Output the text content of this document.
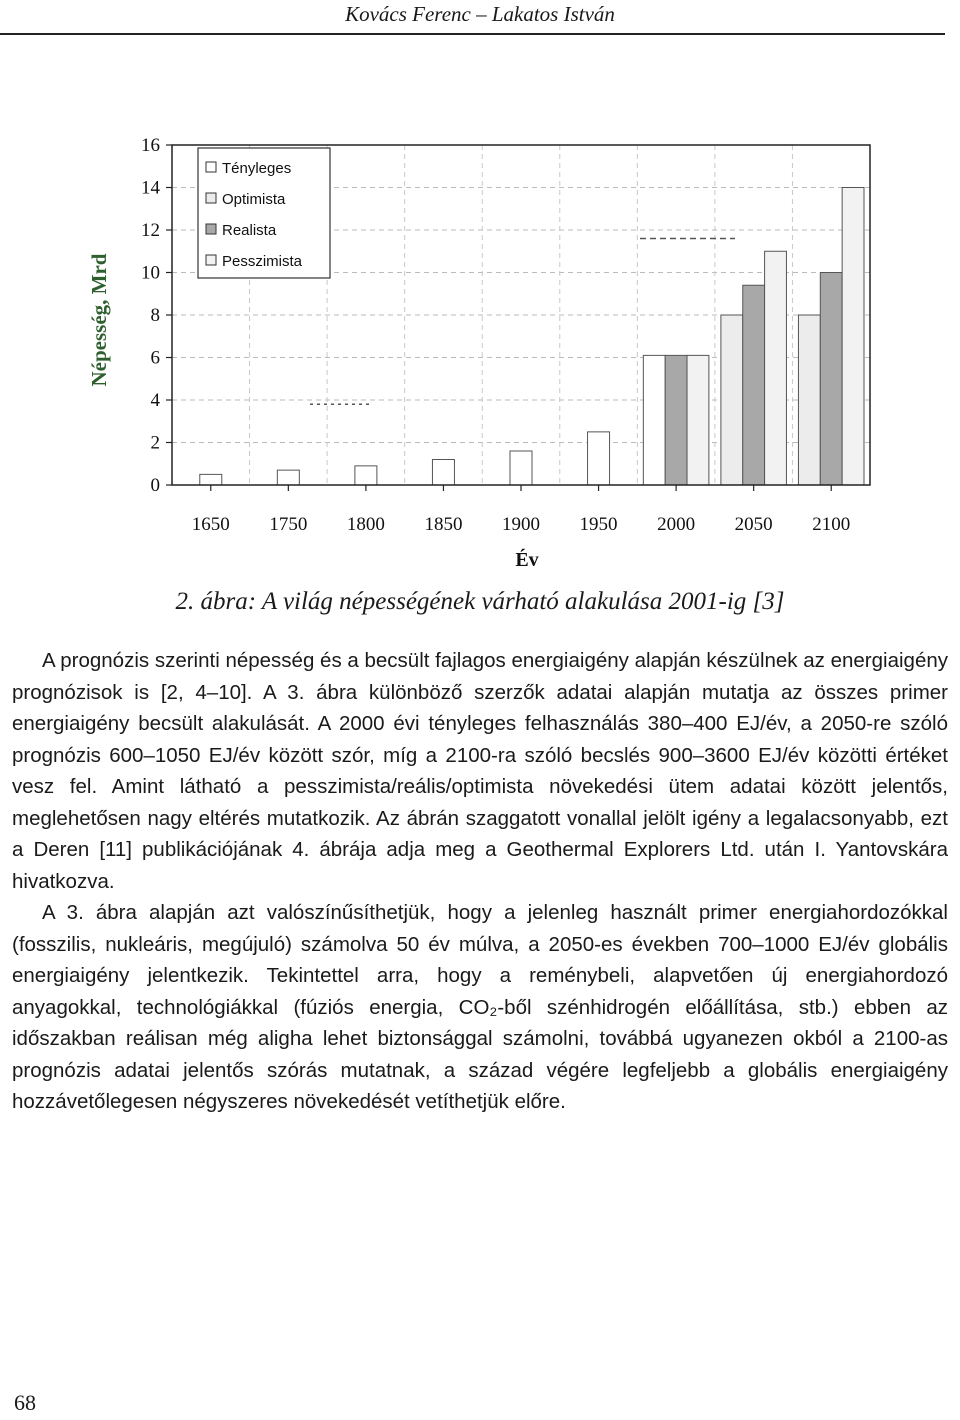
Kovács Ferenc – Lakatos István
0
2
4
6
8
10
12
14
16
1650 1750 1800 1850 1900 1950 2000 2050 2100
Év
Népesség, Mrd
Tényleges
Optimista
Realista
Pesszimista
2. ábra: A világ népességének várható alakulása 2001-ig [3]

A prognózis szerinti népesség és a becsült fajlagos energiaigény alapján készülnek az energiaigény prognózisok is [2, 4–10]. A 3. ábra különböző szerzők adatai alapján mutatja az összes primer energiaigény becsült alakulását. A 2000 évi tényleges felhasználás 380–400 EJ/év, a 2050-re szóló prognózis 600–1050 EJ/év között szór, míg a 2100-ra szóló becslés 900–3600 EJ/év közötti értéket vesz fel. Amint látható a pesszimista/reális/optimista növekedési ütem adatai között jelentős, meglehetősen nagy eltérés mutatkozik. Az ábrán szaggatott vonallal jelölt igény a legalacsonyabb, ezt a Deren [11] publikációjának 4. ábrája adja meg a Geothermal Explorers Ltd. után I. Yantovskára hivatkozva.

A 3. ábra alapján azt valószínűsíthetjük, hogy a jelenleg használt primer energiahordozókkal (fosszilis, nukleáris, megújuló) számolva 50 év múlva, a 2050-es években 700–1000 EJ/év globális energiaigény jelentkezik. Tekintettel arra, hogy a reménybeli, alapvetően új energiahordozó anyagokkal, technológiákkal (fúziós energia, CO₂-ből szénhidrogén előállítása, stb.) ebben az időszakban reálisan még aligha lehet biztonsággal számolni, továbbá ugyanezen okból a 2100-as prognózis adatai jelentős szórás mutatnak, a század végére legfeljebb a globális energiaigény hozzávetőlegesen négyszeres növekedését vetíthetjük előre.

68
